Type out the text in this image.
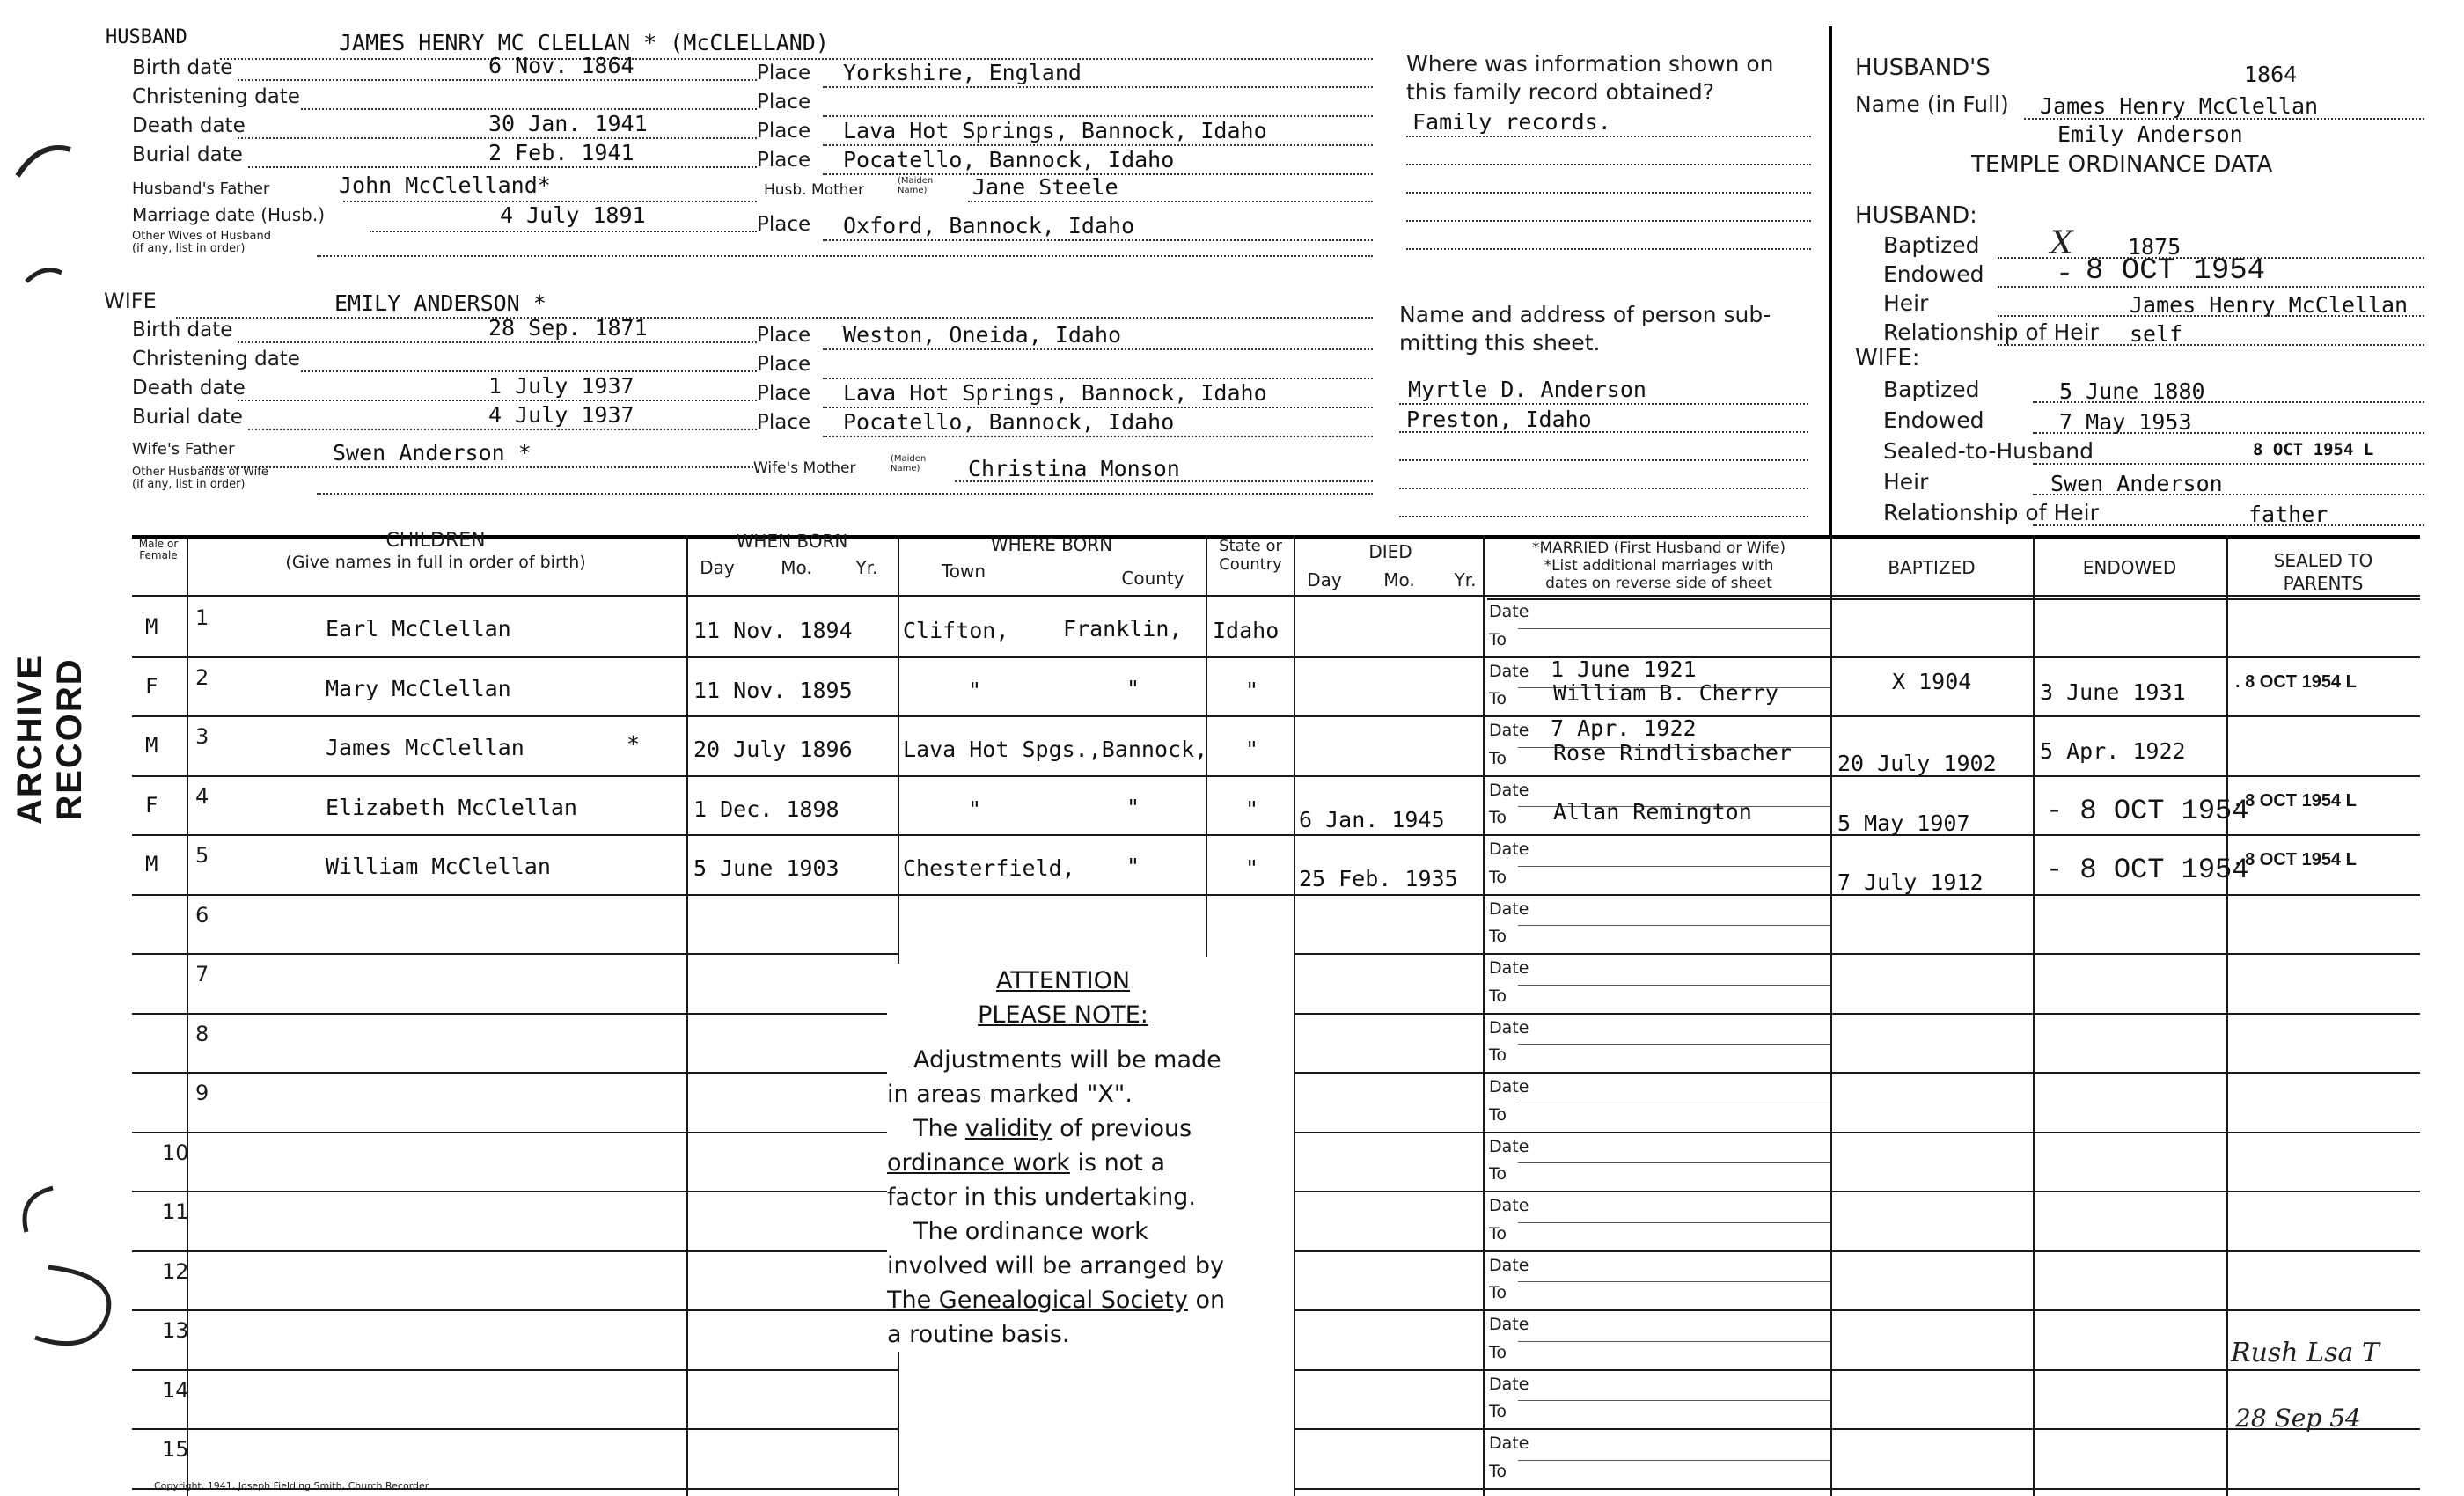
HUSBAND	JAMES HENRY MC CLELLAN * (McCLELLAND)
Birth date	6 Nov. 1864	Place Yorkshire, England
Christening date	Place
Death date	30 Jan. 1941	Place Lava Hot Springs, Bannock, Idaho
Burial date	2 Feb. 1941	Place Pocatello, Bannock, Idaho
Husband's Father	John McClelland*	Husb. Mother
(Maiden Name)	Jane Steele
Marriage date (Husb.)	4 July 1891	Place Oxford, Bannock, Idaho
Other Wives of Husband
(if any, list in order)
WIFE	EMILY ANDERSON *
Birth date	28 Sep. 1871	Place Weston, Oneida, Idaho
Christening date	Place
Death date	1 July 1937	Place Lava Hot Springs, Bannock, Idaho
Burial date	4 July 1937	Place Pocatello, Bannock, Idaho
Wife's Father	Swen Anderson *
Wife's Mother
(Maiden Name)	Christina Monson
Other Husbands of Wife
(if any, list in order)
Where was information shown on
this family record obtained?
Family records.
Name and address of person sub-
mitting this sheet.
Myrtle D. Anderson
Preston, Idaho
HUSBAND'S	1864
Name (in Full) James Henry McClellan
Emily Anderson
TEMPLE ORDINANCE DATA
HUSBAND:
Baptized	1875
X
Endowed	8 OCT 1954
-
Heir	James Henry McClellan
Relationship of Heir self
WIFE:
Baptized	5 June 1880
Endowed	7 May 1953
Sealed-to-Husband	8 OCT 1954 L
Heir	Swen Anderson
Relationship of Heir	father
Male or Female
CHILDREN
(Give names in full in order of birth)
WHEN BORN
Day	Mo.	Yr.
WHERE BORN
Town	County
State or Country
DIED
Day	Mo.	Yr.
*MARRIED (First Husband or Wife)
*List additional marriages with
dates on reverse side of sheet
BAPTIZED	ENDOWED	SEALED TO PARENTS
Date
To
1
M	Earl McClellan	11 Nov. 1894 Clifton, Franklin, Idaho
Date
To
2
F	Mary McClellan	11 Nov. 1895	"	"	"
1 June 1921
William B. Cherry	X 1904	3 June 1931	. 8 OCT 1954 L
Date
To
3
M	James McClellan	* 20 July 1896 Lava Hot Spgs.,Bannock, "
7 Apr. 1922
Rose Rindlisbacher 20 July 1902 5 Apr. 1922
Date
To
4
F	Elizabeth McClellan	1 Dec. 1898	"	"	" 6 Jan. 1945	Allan Remington	5 May 1907	- 8 OCT 1954
. 8 OCT 1954 L
Date
To
5
M	William McClellan	5 June 1903	Chesterfield, "	" 25 Feb. 1935	7 July 1912 - 8 OCT 1954
. 8 OCT 1954 L
Date
To
6
Date
To
7
Date
To
8
Date
To
9
Date
To
10
Date
To
11
Date
To
12
Date
To
13
Date
To
14
Date
To
15

ATTENTION

PLEASE NOTE:

Adjustments will be made in areas marked "X".

The validity of previous ordinance work is not a factor in this undertaking.

The ordinance work involved will be arranged by The Genealogical Society on a routine basis.

ARCHIVE RECORD
Rush Lsa T
28 Sep 54
Copyright, 1941, Joseph Fielding Smith, Church Recorder
